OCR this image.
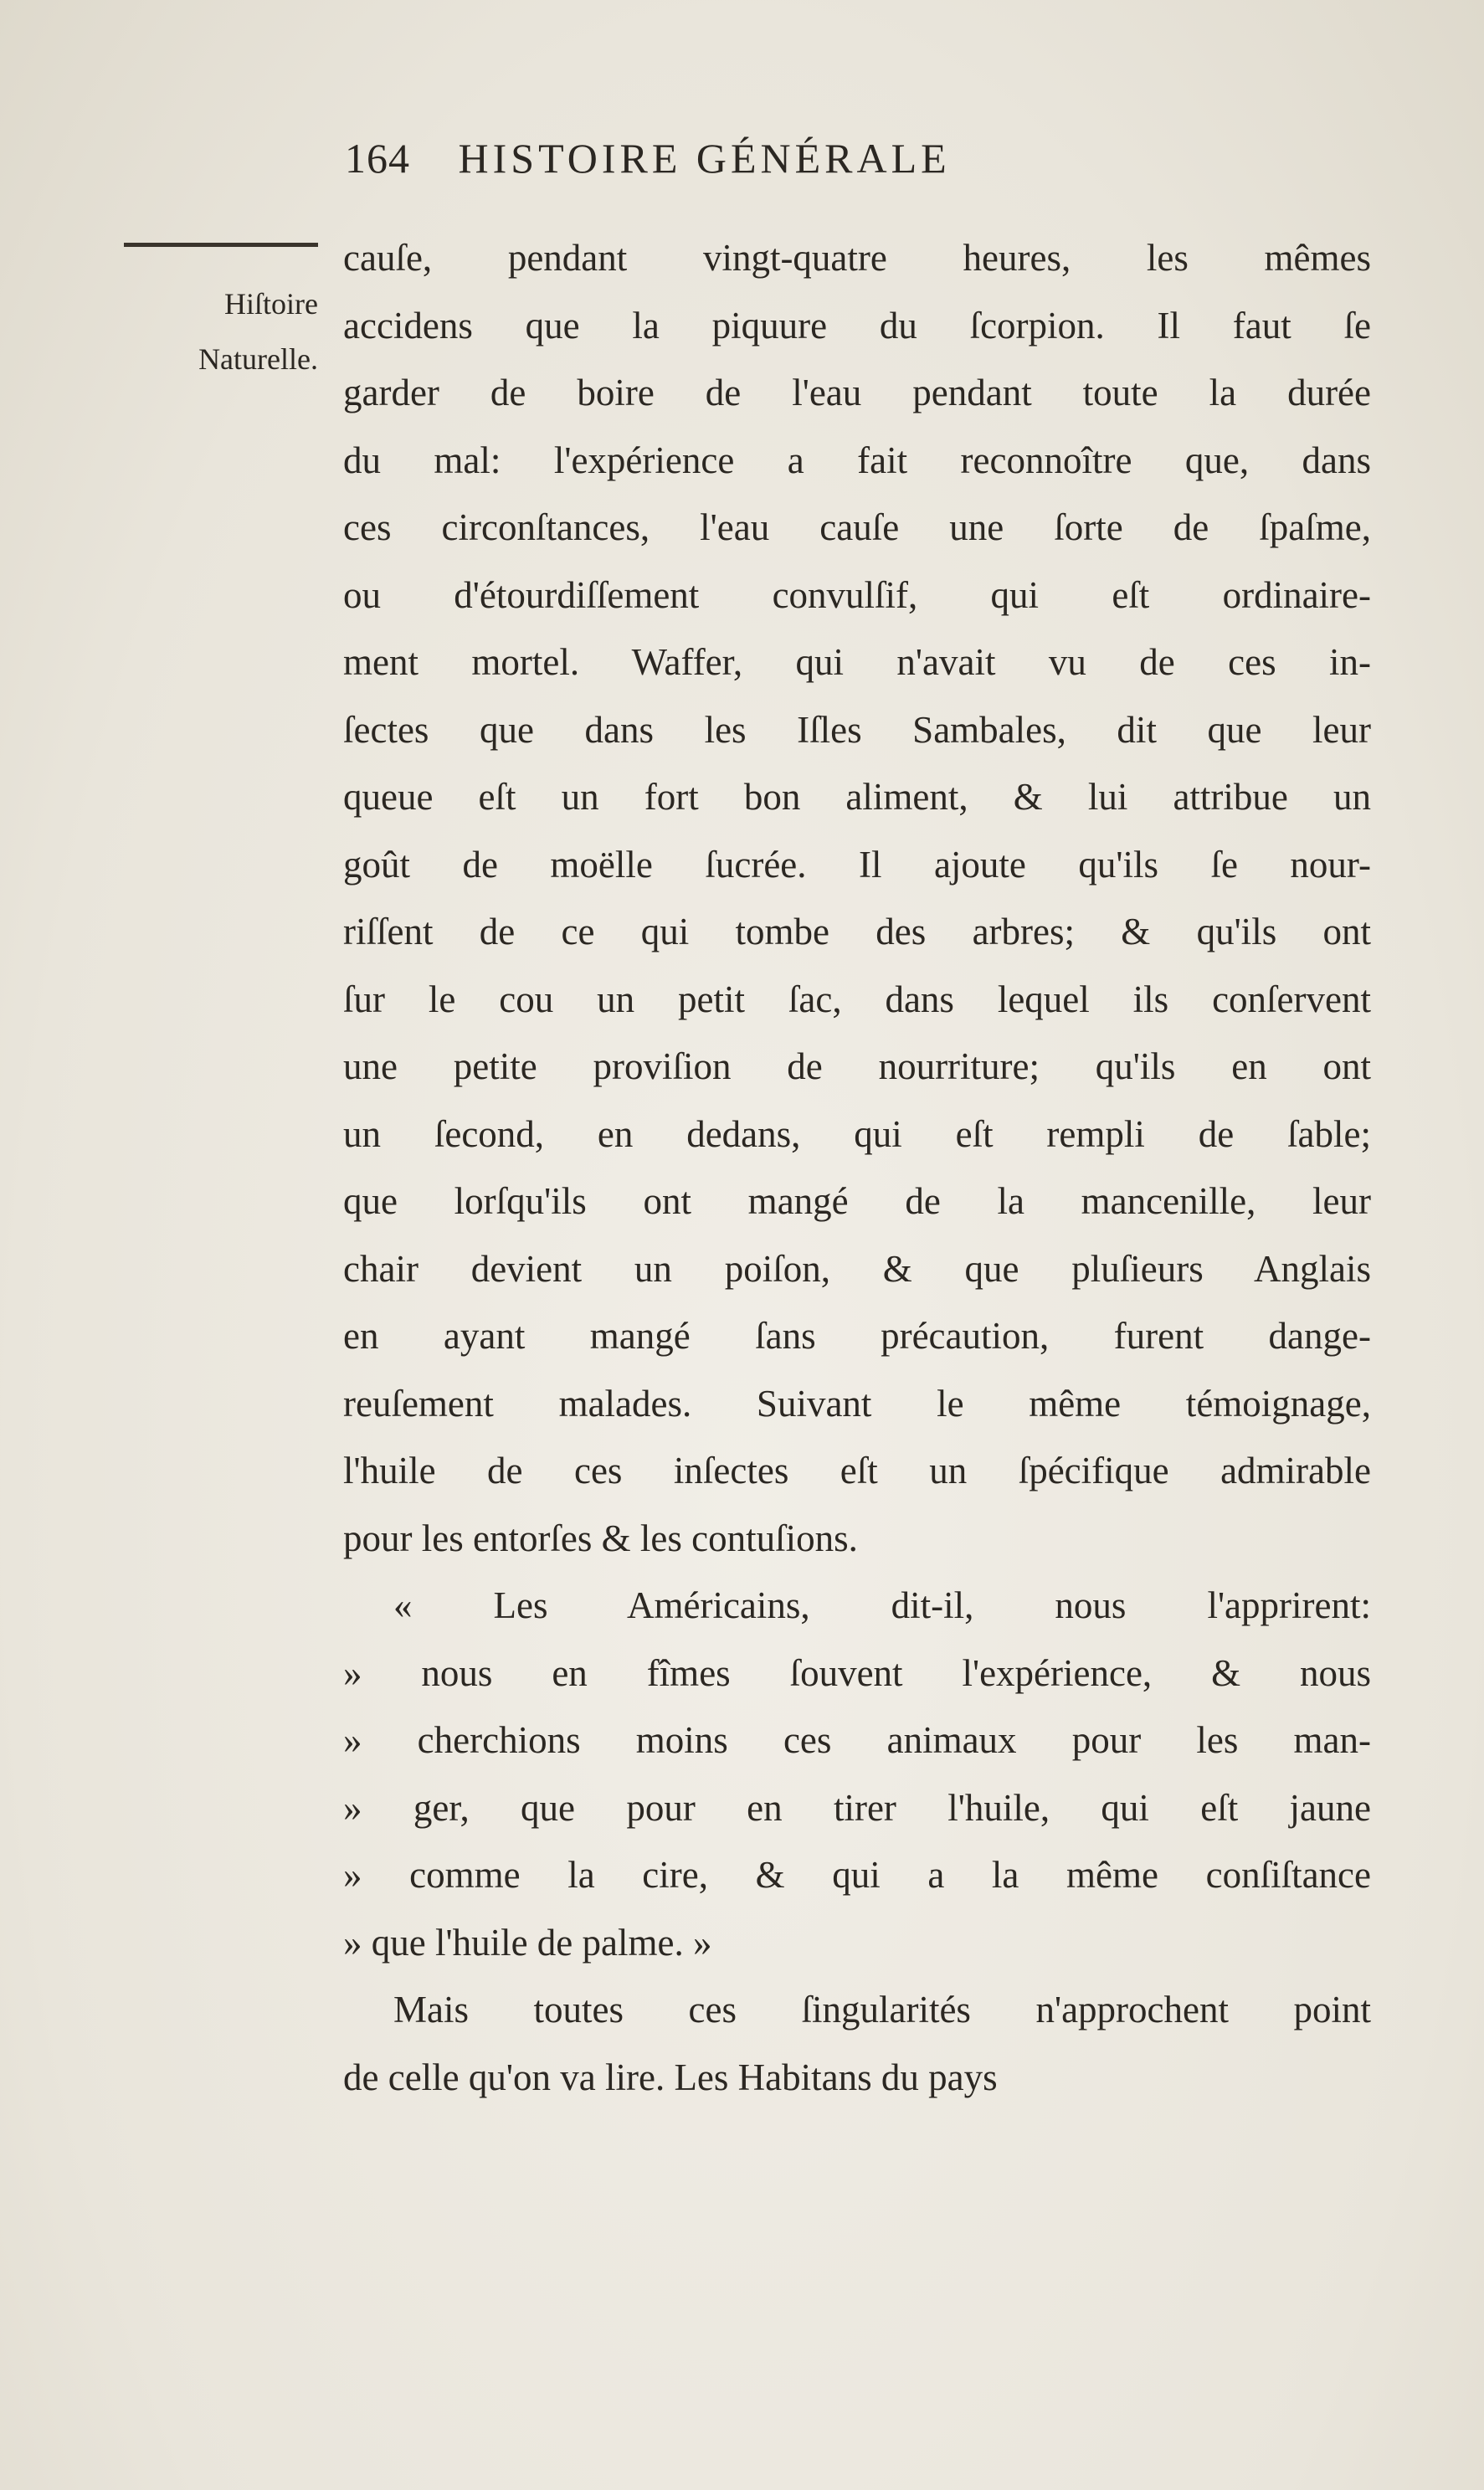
164 HISTOIRE GÉNÉRALE
Hiſtoire
Naturelle.
cauſe, pendant vingt-quatre heures, les mêmes
accidens que la piquure du ſcorpion. Il faut ſe
garder de boire de l'eau pendant toute la durée
du mal: l'expérience a fait reconnoître que, dans
ces circonſtances, l'eau cauſe une ſorte de ſpaſme,
ou d'étourdiſſement convulſif, qui eſt ordinaire-
ment mortel. Waffer, qui n'avait vu de ces in-
ſectes que dans les Iſles Sambales, dit que leur
queue eſt un fort bon aliment, & lui attribue un
goût de moëlle ſucrée. Il ajoute qu'ils ſe nour-
riſſent de ce qui tombe des arbres; & qu'ils ont
ſur le cou un petit ſac, dans lequel ils conſervent
une petite proviſion de nourriture; qu'ils en ont
un ſecond, en dedans, qui eſt rempli de ſable;
que lorſqu'ils ont mangé de la mancenille, leur
chair devient un poiſon, & que pluſieurs Anglais
en ayant mangé ſans précaution, furent dange-
reuſement malades. Suivant le même témoignage,
l'huile de ces inſectes eſt un ſpécifique admirable
pour les entorſes & les contuſions.
« Les Américains, dit-il, nous l'apprirent:
» nous en fîmes ſouvent l'expérience, & nous
» cherchions moins ces animaux pour les man-
» ger, que pour en tirer l'huile, qui eſt jaune
» comme la cire, & qui a la même conſiſtance
» que l'huile de palme. »
Mais toutes ces ſingularités n'approchent point
de celle qu'on va lire. Les Habitans du pays
